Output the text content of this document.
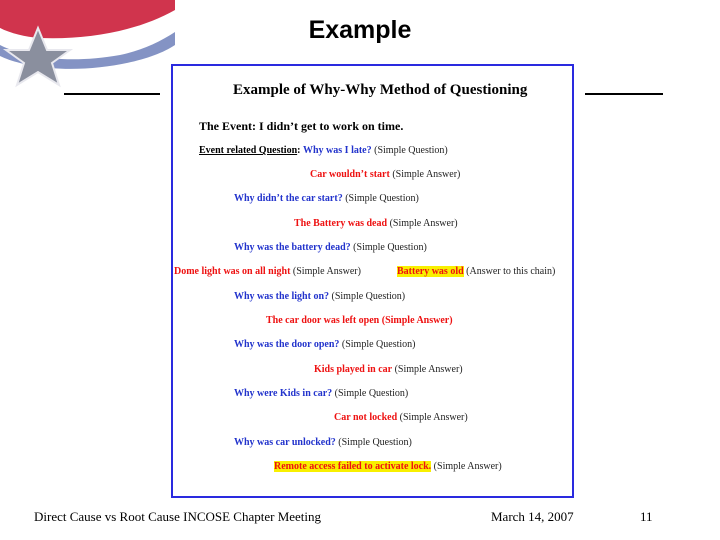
Example
Example of Why-Why Method of Questioning
The Event: I didn’t get to work on time.
Event related Question: Why was I late? (Simple Question)
Car wouldn’t start (Simple Answer)
Why didn’t the car start? (Simple Question)
The Battery was dead (Simple Answer)
Why was the battery dead? (Simple Question)
Dome light was on all night (Simple Answer)	Battery was old (Answer to this chain)
Why was the light on? (Simple Question)
The car door was left open (Simple Answer)
Why was the door open? (Simple Question)
Kids played in car (Simple Answer)
Why were Kids in car? (Simple Question)
Car not locked (Simple Answer)
Why was car unlocked? (Simple Question)
Remote access failed to activate lock. (Simple Answer)
Direct Cause vs Root Cause INCOSE Chapter Meeting	March 14, 2007	11
